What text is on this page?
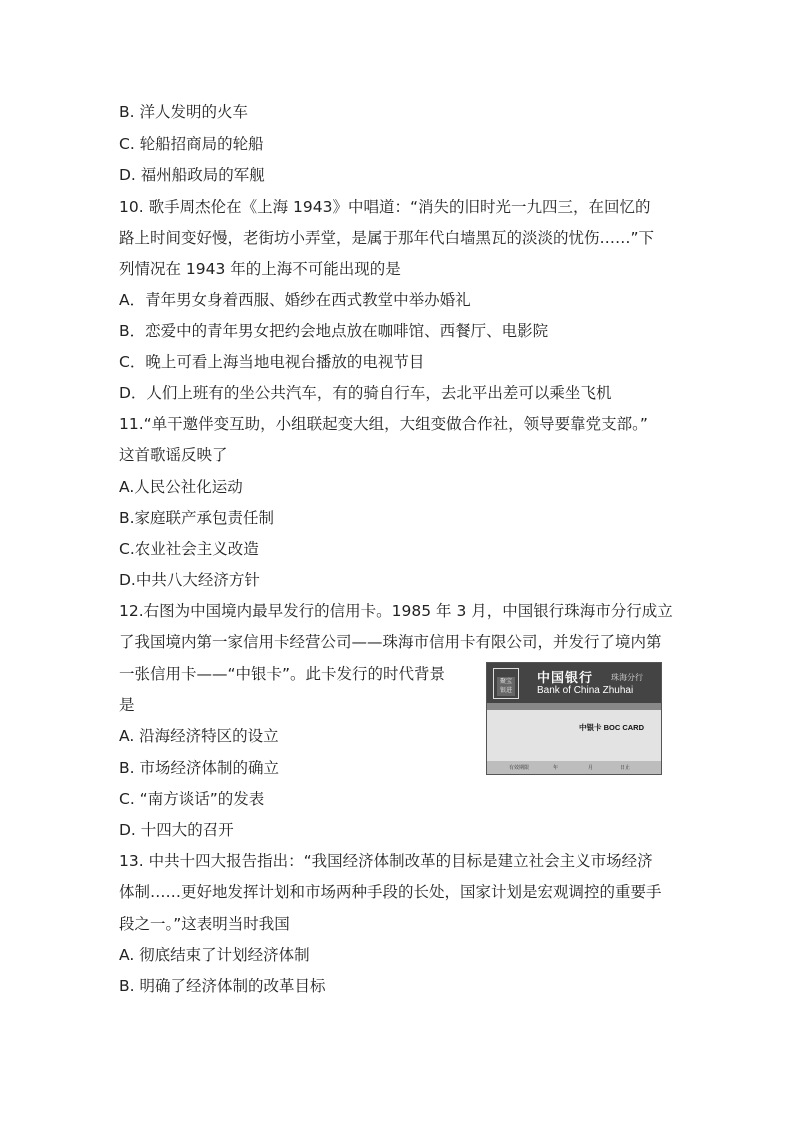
B. 洋人发明的火车
C. 轮船招商局的轮船
D. 福州船政局的军舰
10. 歌手周杰伦在《上海 1943》中唱道：“消失的旧时光一九四三，在回忆的
路上时间变好慢，老街坊小弄堂，是属于那年代白墙黑瓦的淡淡的忧伤……”下
列情况在 1943 年的上海不可能出现的是
A．青年男女身着西服、婚纱在西式教堂中举办婚礼
B．恋爱中的青年男女把约会地点放在咖啡馆、西餐厅、电影院
C．晚上可看上海当地电视台播放的电视节目
D．人们上班有的坐公共汽车，有的骑自行车，去北平出差可以乘坐飞机
11.“单干邀伴变互助，小组联起变大组，大组变做合作社，领导要靠党支部。”
这首歌谣反映了
A.人民公社化运动
B.家庭联产承包责任制
C.农业社会主义改造
D.中共八大经济方针
12.右图为中国境内最早发行的信用卡。1985 年 3 月，中国银行珠海市分行成立
了我国境内第一家信用卡经营公司——珠海市信用卡有限公司，并发行了境内第
一张信用卡——“中银卡”。此卡发行的时代背景
是
A. 沿海经济特区的设立
B. 市场经济体制的确立
C. “南方谈话”的发表
D. 十四大的召开
13. 中共十四大报告指出：“我国经济体制改革的目标是建立社会主义市场经济
体制……更好地发挥计划和市场两种手段的长处，国家计划是宏观调控的重要手
段之一。”这表明当时我国
A. 彻底结束了计划经济体制
B. 明确了经济体制的改革目标
聚宝 银进
中国银行 珠海分行
Bank of China Zhuhai
中银卡 BOC CARD
有效期限	年	月	日止
